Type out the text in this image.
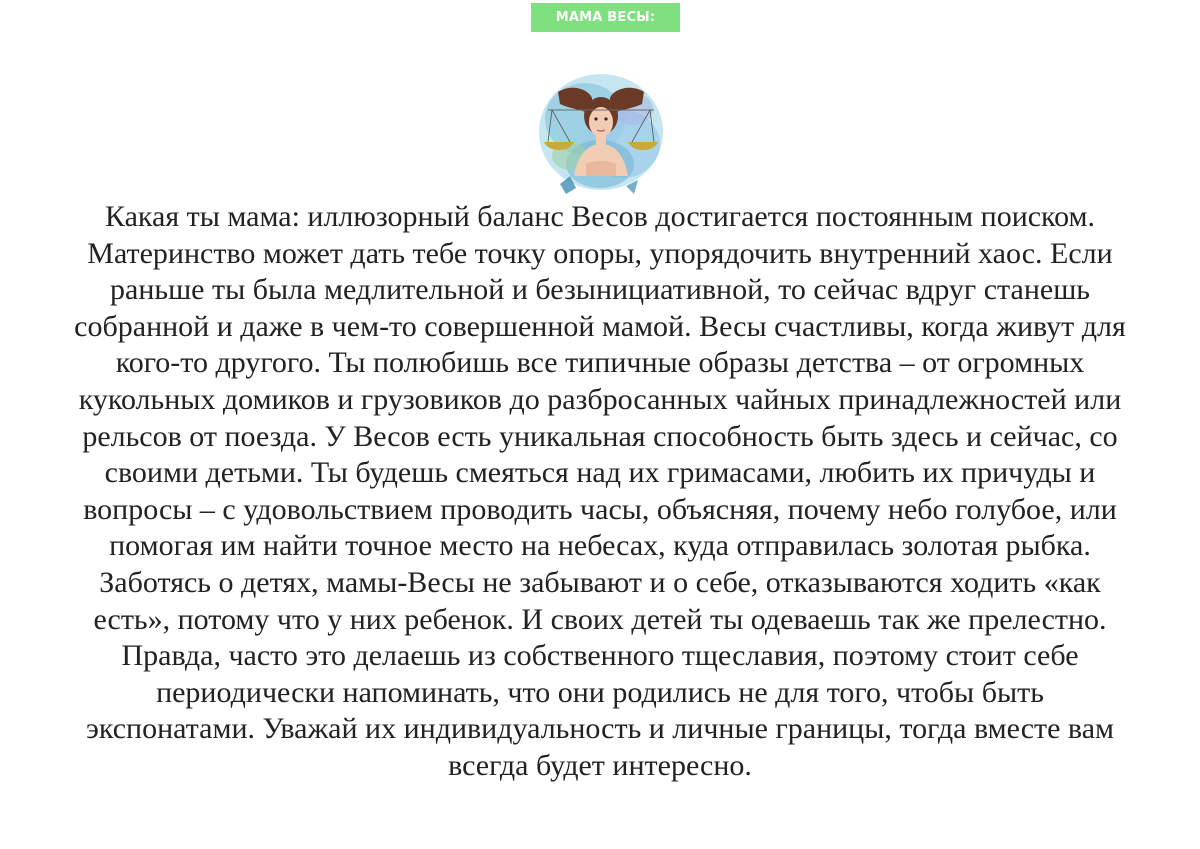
МАМА ВЕСЫ:

Какая ты мама: иллюзорный баланс Весов достигается постоянным поиском.
Материнство может дать тебе точку опоры, упорядочить внутренний хаос. Если
раньше ты была медлительной и безынициативной, то сейчас вдруг станешь
собранной и даже в чем-то совершенной мамой. Весы счастливы, когда живут для
кого-то другого. Ты полюбишь все типичные образы детства – от огромных
кукольных домиков и грузовиков до разбросанных чайных принадлежностей или
рельсов от поезда. У Весов есть уникальная способность быть здесь и сейчас, со
своими детьми. Ты будешь смеяться над их гримасами, любить их причуды и
вопросы – с удовольствием проводить часы, объясняя, почему небо голубое, или
помогая им найти точное место на небесах, куда отправилась золотая рыбка.
Заботясь о детях, мамы-Весы не забывают и о себе, отказываются ходить «как
есть», потому что у них ребенок. И своих детей ты одеваешь так же прелестно.
Правда, часто это делаешь из собственного тщеславия, поэтому стоит себе
периодически напоминать, что они родились не для того, чтобы быть
экспонатами. Уважай их индивидуальность и личные границы, тогда вместе вам
всегда будет интересно.
